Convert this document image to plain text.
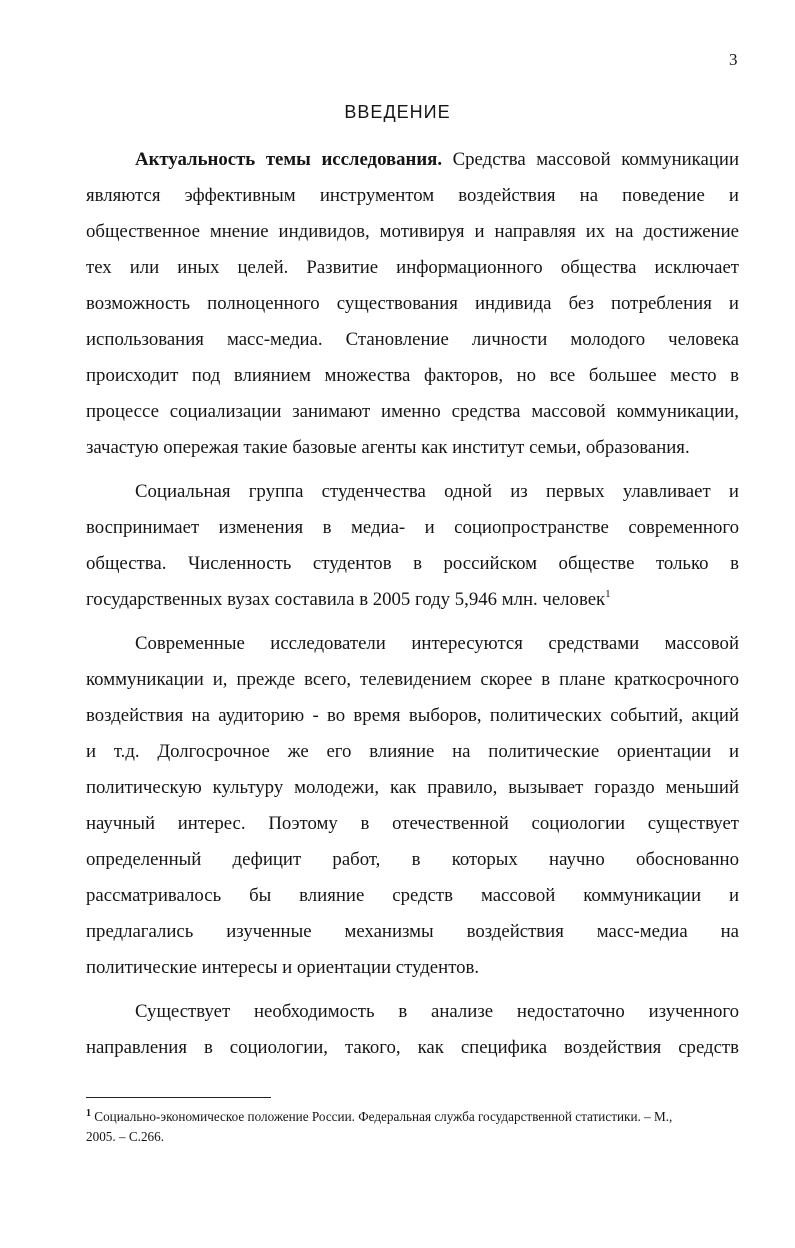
3
ВВЕДЕНИЕ
Актуальность темы исследования. Средства массовой коммуникации
являются эффективным инструментом воздействия на поведение и
общественное мнение индивидов, мотивируя и направляя их на достижение
тех или иных целей. Развитие информационного общества исключает
возможность полноценного существования индивида без потребления и
использования масс-медиа. Становление личности молодого человека
происходит под влиянием множества факторов, но все большее место в
процессе социализации занимают именно средства массовой коммуникации,
зачастую опережая такие базовые агенты как институт семьи, образования.
Социальная группа студенчества одной из первых улавливает и
воспринимает изменения в медиа- и социопространстве современного
общества. Численность студентов в российском обществе только в
государственных вузах составила в 2005 году 5,946 млн. человек$^1$
Современные исследователи интересуются средствами массовой
коммуникации и, прежде всего, телевидением скорее в плане краткосрочного
воздействия на аудиторию - во время выборов, политических событий, акций
и т.д. Долгосрочное же его влияние на политические ориентации и
политическую культуру молодежи, как правило, вызывает гораздо меньший
научный интерес. Поэтому в отечественной социологии существует
определенный дефицит работ, в которых научно обоснованно
рассматривалось бы влияние средств массовой коммуникации и
предлагались изученные механизмы воздействия масс-медиа на
политические интересы и ориентации студентов.
Существует необходимость в анализе недостаточно изученного
направления в социологии, такого, как специфика воздействия средств
$^1$ Социально-экономическое положение России. Федеральная служба государственной статистики. – М.,
2005. – С.266.
